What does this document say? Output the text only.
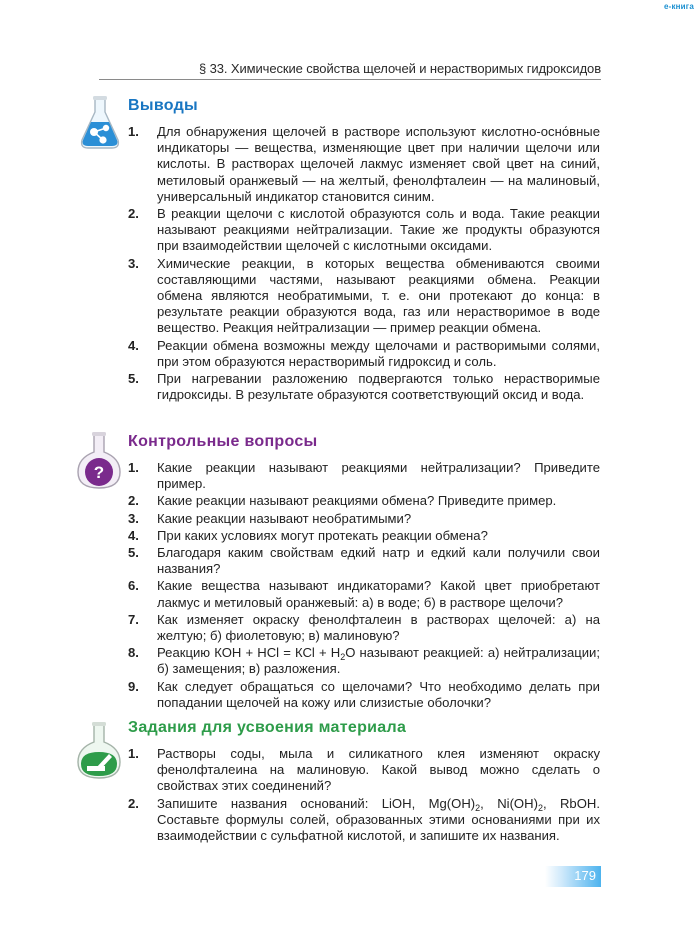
e-книга
§ 33. Химические свойства щелочей и нерастворимых гидроксидов
Выводы
1. Для обнаружения щелочей в растворе используют кислотно-осно́вные индикаторы — вещества, изменяющие цвет при наличии щелочи или кислоты. В растворах щелочей лакмус изменяет свой цвет на синий, метиловый оранжевый — на желтый, фенолфталеин — на малиновый, универсальный индикатор становится синим.
2. В реакции щелочи с кислотой образуются соль и вода. Такие реакции называют реакциями нейтрализации. Такие же продукты образуются при взаимодействии щелочей с кислотными оксидами.
3. Химические реакции, в которых вещества обмениваются своими составляющими частями, называют реакциями обмена. Реакции обмена являются необратимыми, т. е. они протекают до конца: в результате реакции образуются вода, газ или нерастворимое в воде вещество. Реакция нейтрализации — пример реакции обмена.
4. Реакции обмена возможны между щелочами и растворимыми солями, при этом образуются нерастворимый гидроксид и соль.
5. При нагревании разложению подвергаются только нерастворимые гидроксиды. В результате образуются соответствующий оксид и вода.
?
Контрольные вопросы
1. Какие реакции называют реакциями нейтрализации? Приведите пример.
2. Какие реакции называют реакциями обмена? Приведите пример.
3. Какие реакции называют необратимыми?
4. При каких условиях могут протекать реакции обмена?
5. Благодаря каким свойствам едкий натр и едкий кали получили свои названия?
6. Какие вещества называют индикаторами? Какой цвет приобретают лакмус и метиловый оранжевый: а) в воде; б) в растворе щелочи?
7. Как изменяет окраску фенолфталеин в растворах щелочей: а) на желтую; б) фиолетовую; в) малиновую?
8. Реакцию КОН + НСl = КСl + $Н_2О$ называют реакцией: а) нейтрализации; б) замещения; в) разложения.
9. Как следует обращаться со щелочами? Что необходимо делать при попадании щелочей на кожу или слизистые оболочки?
Задания для усвоения материала
1. Растворы соды, мыла и силикатного клея изменяют окраску фенолфталеина на малиновую. Какой вывод можно сделать о свойствах этих соединений?
2. Запишите названия оснований: LiOH, $Mg(OH)_2$, $Ni(OH)_2$, RbOH. Составьте формулы солей, образованных этими основаниями при их взаимодействии с сульфатной кислотой, и запишите их названия.
179
